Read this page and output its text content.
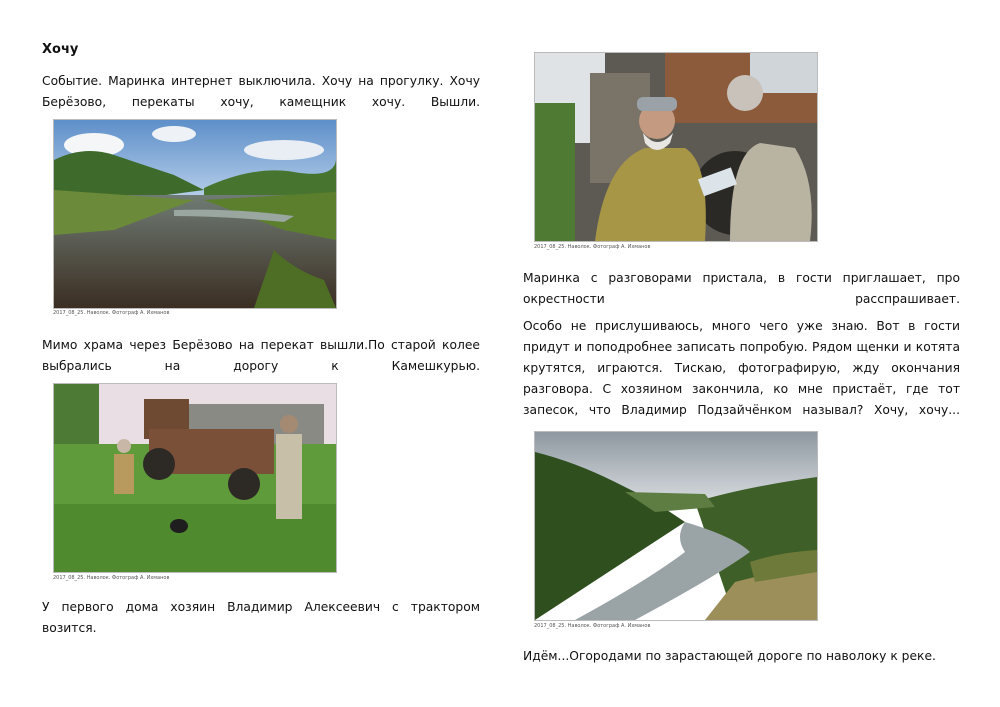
Хочу
Событие. Маринка интернет выключила. Хочу на прогулку. Хочу Берёзово, перекаты хочу, камещник хочу. Вышли.
2017_08_25. Наволок. Фотограф А. Ихманов
Мимо храма через Берёзово на перекат вышли.По старой колее выбрались на дорогу к Камешкурью.
2017_08_25. Наволок. Фотограф А. Ихманов
У первого дома хозяин Владимир Алексеевич с трактором возится.
2017_08_25. Наволок. Фотограф А. Ихманов
Маринка с разговорами пристала, в гости приглашает, про окрестности расспрашивает.
Особо не прислушиваюсь, много чего уже знаю. Вот в гости придут и поподробнее записать попробую. Рядом щенки и котята крутятся, играются. Тискаю, фотографирую, жду окончания разговора. С хозяином закончила, ко мне пристаёт, где тот запесок, что Владимир Подзайчёнком называл? Хочу, хочу...
2017_08_25. Наволок. Фотограф А. Ихманов
Идём...Огородами по зарастающей дороге по наволоку к реке.
